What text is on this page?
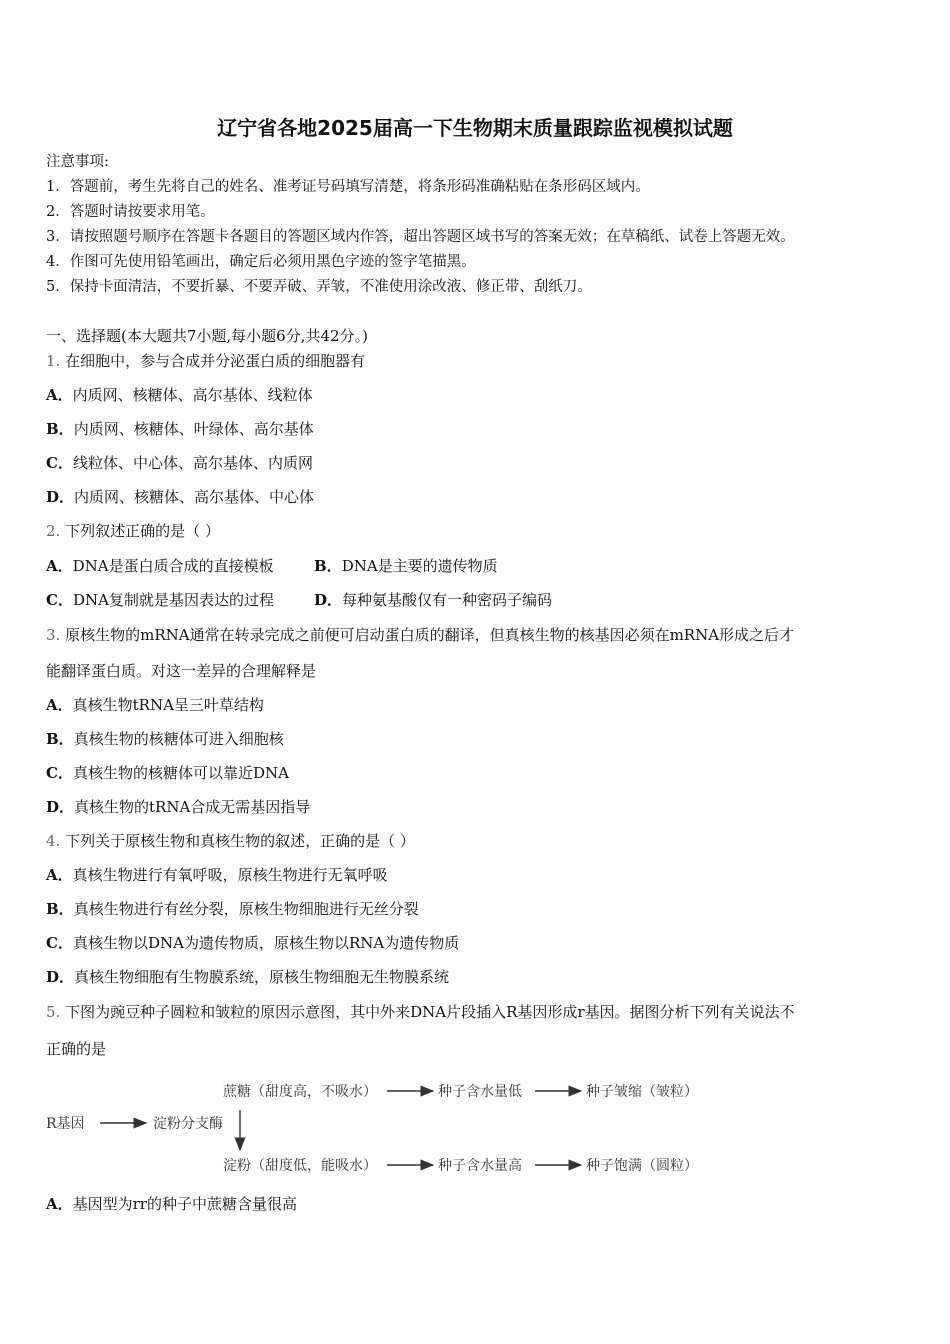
辽宁省各地2025届高一下生物期末质量跟踪监视模拟试题
注意事项:
1．答题前，考生先将自己的姓名、准考证号码填写清楚，将条形码准确粘贴在条形码区域内。
2．答题时请按要求用笔。
3．请按照题号顺序在答题卡各题目的答题区域内作答，超出答题区域书写的答案无效；在草稿纸、试卷上答题无效。
4．作图可先使用铅笔画出，确定后必须用黑色字迹的签字笔描黑。
5．保持卡面清洁，不要折暴、不要弄破、弄皱，不准使用涂改液、修正带、刮纸刀。
一、选择题(本大题共7小题,每小题6分,共42分。)
1. 在细胞中，参与合成并分泌蛋白质的细胞器有
A．内质网、核糖体、高尔基体、线粒体
B．内质网、核糖体、叶绿体、高尔基体
C．线粒体、中心体、高尔基体、内质网
D．内质网、核糖体、高尔基体、中心体
2. 下列叙述正确的是（ ）
A．DNA是蛋白质合成的直接模板	B．DNA是主要的遗传物质
C．DNA复制就是基因表达的过程	D．每种氨基酸仅有一种密码子编码
3. 原核生物的mRNA通常在转录完成之前便可启动蛋白质的翻译，但真核生物的核基因必须在mRNA形成之后才
能翻译蛋白质。对这一差异的合理解释是
A．真核生物tRNA呈三叶草结构
B．真核生物的核糖体可进入细胞核
C．真核生物的核糖体可以靠近DNA
D．真核生物的tRNA合成无需基因指导
4. 下列关于原核生物和真核生物的叙述，正确的是（ ）
A．真核生物进行有氧呼吸，原核生物进行无氧呼吸
B．真核生物进行有丝分裂，原核生物细胞进行无丝分裂
C．真核生物以DNA为遗传物质，原核生物以RNA为遗传物质
D．真核生物细胞有生物膜系统，原核生物细胞无生物膜系统
5. 下图为豌豆种子圆粒和皱粒的原因示意图，其中外来DNA片段插入R基因形成r基因。据图分析下列有关说法不
正确的是
蔗糖（甜度高，不吸水）	种子含水量低	种子皱缩（皱粒）
R基因	淀粉分支酶
淀粉（甜度低，能吸水）	种子含水量高	种子饱满（圆粒）
A．基因型为rr的种子中蔗糖含量很高
